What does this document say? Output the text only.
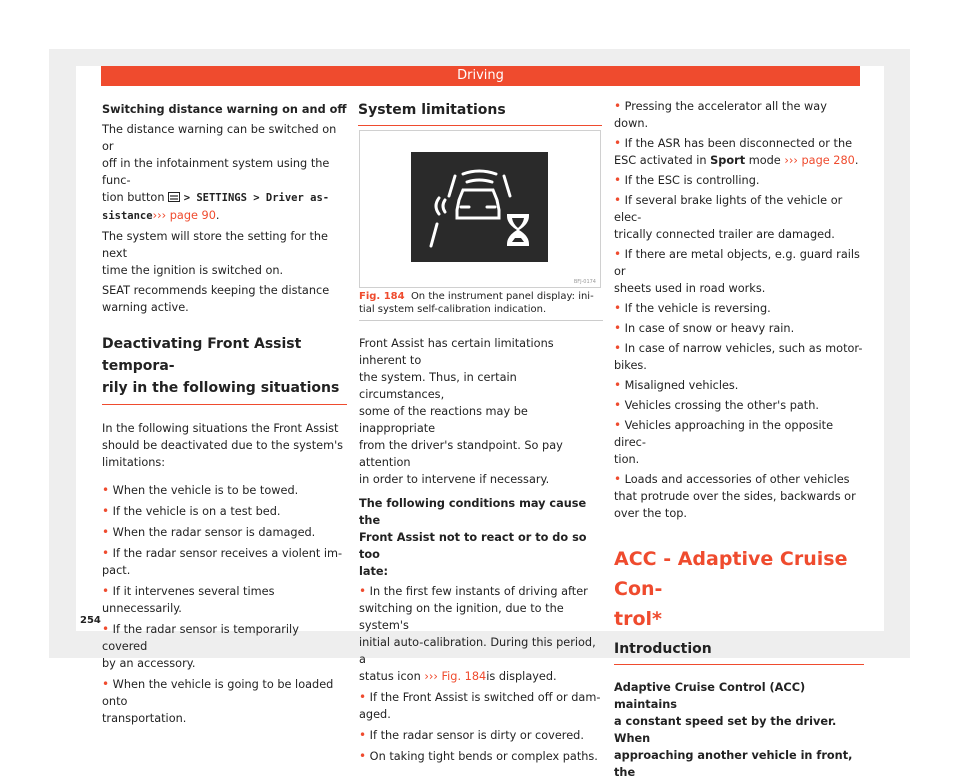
Driving

Switching distance warning on and off

The distance warning can be switched on or

off in the infotainment system using the func-

tion button  > SETTINGS > Driver as-

sistance››› page 90.

The system will store the setting for the next

time the ignition is switched on.

SEAT recommends keeping the distance

warning active.

Deactivating Front Assist tempora-

rily in the following situations

In the following situations the Front Assist

should be deactivated due to the system's

limitations:

• When the vehicle is to be towed.

• If the vehicle is on a test bed.

• When the radar sensor is damaged.

• If the radar sensor receives a violent im-

pact.

• If it intervenes several times unnecessarily.

• If the radar sensor is temporarily covered

by an accessory.

• When the vehicle is going to be loaded onto

transportation.

System limitations

BFJ-0174

Fig. 184 On the instrument panel display: ini-

tial system self-calibration indication.

Front Assist has certain limitations inherent to

the system. Thus, in certain circumstances,

some of the reactions may be inappropriate

from the driver's standpoint. So pay attention

in order to intervene if necessary.

The following conditions may cause the

Front Assist not to react or to do so too

late:

• In the first few instants of driving after

switching on the ignition, due to the system's

initial auto-calibration. During this period, a

status icon ››› Fig. 184is displayed.

• If the Front Assist is switched off or dam-

aged.

• If the radar sensor is dirty or covered.

• On taking tight bends or complex paths.

• Pressing the accelerator all the way down.

• If the ASR has been disconnected or the

ESC activated in Sport mode ››› page 280.

• If the ESC is controlling.

• If several brake lights of the vehicle or elec-

trically connected trailer are damaged.

• If there are metal objects, e.g. guard rails or

sheets used in road works.

• If the vehicle is reversing.

• In case of snow or heavy rain.

• In case of narrow vehicles, such as motor-

bikes.

• Misaligned vehicles.

• Vehicles crossing the other's path.

• Vehicles approaching in the opposite direc-

tion.

• Loads and accessories of other vehicles

that protrude over the sides, backwards or

over the top.

ACC - Adaptive Cruise Con-

trol*

Introduction

Adaptive Cruise Control (ACC) maintains

a constant speed set by the driver. When

approaching another vehicle in front, the

254
